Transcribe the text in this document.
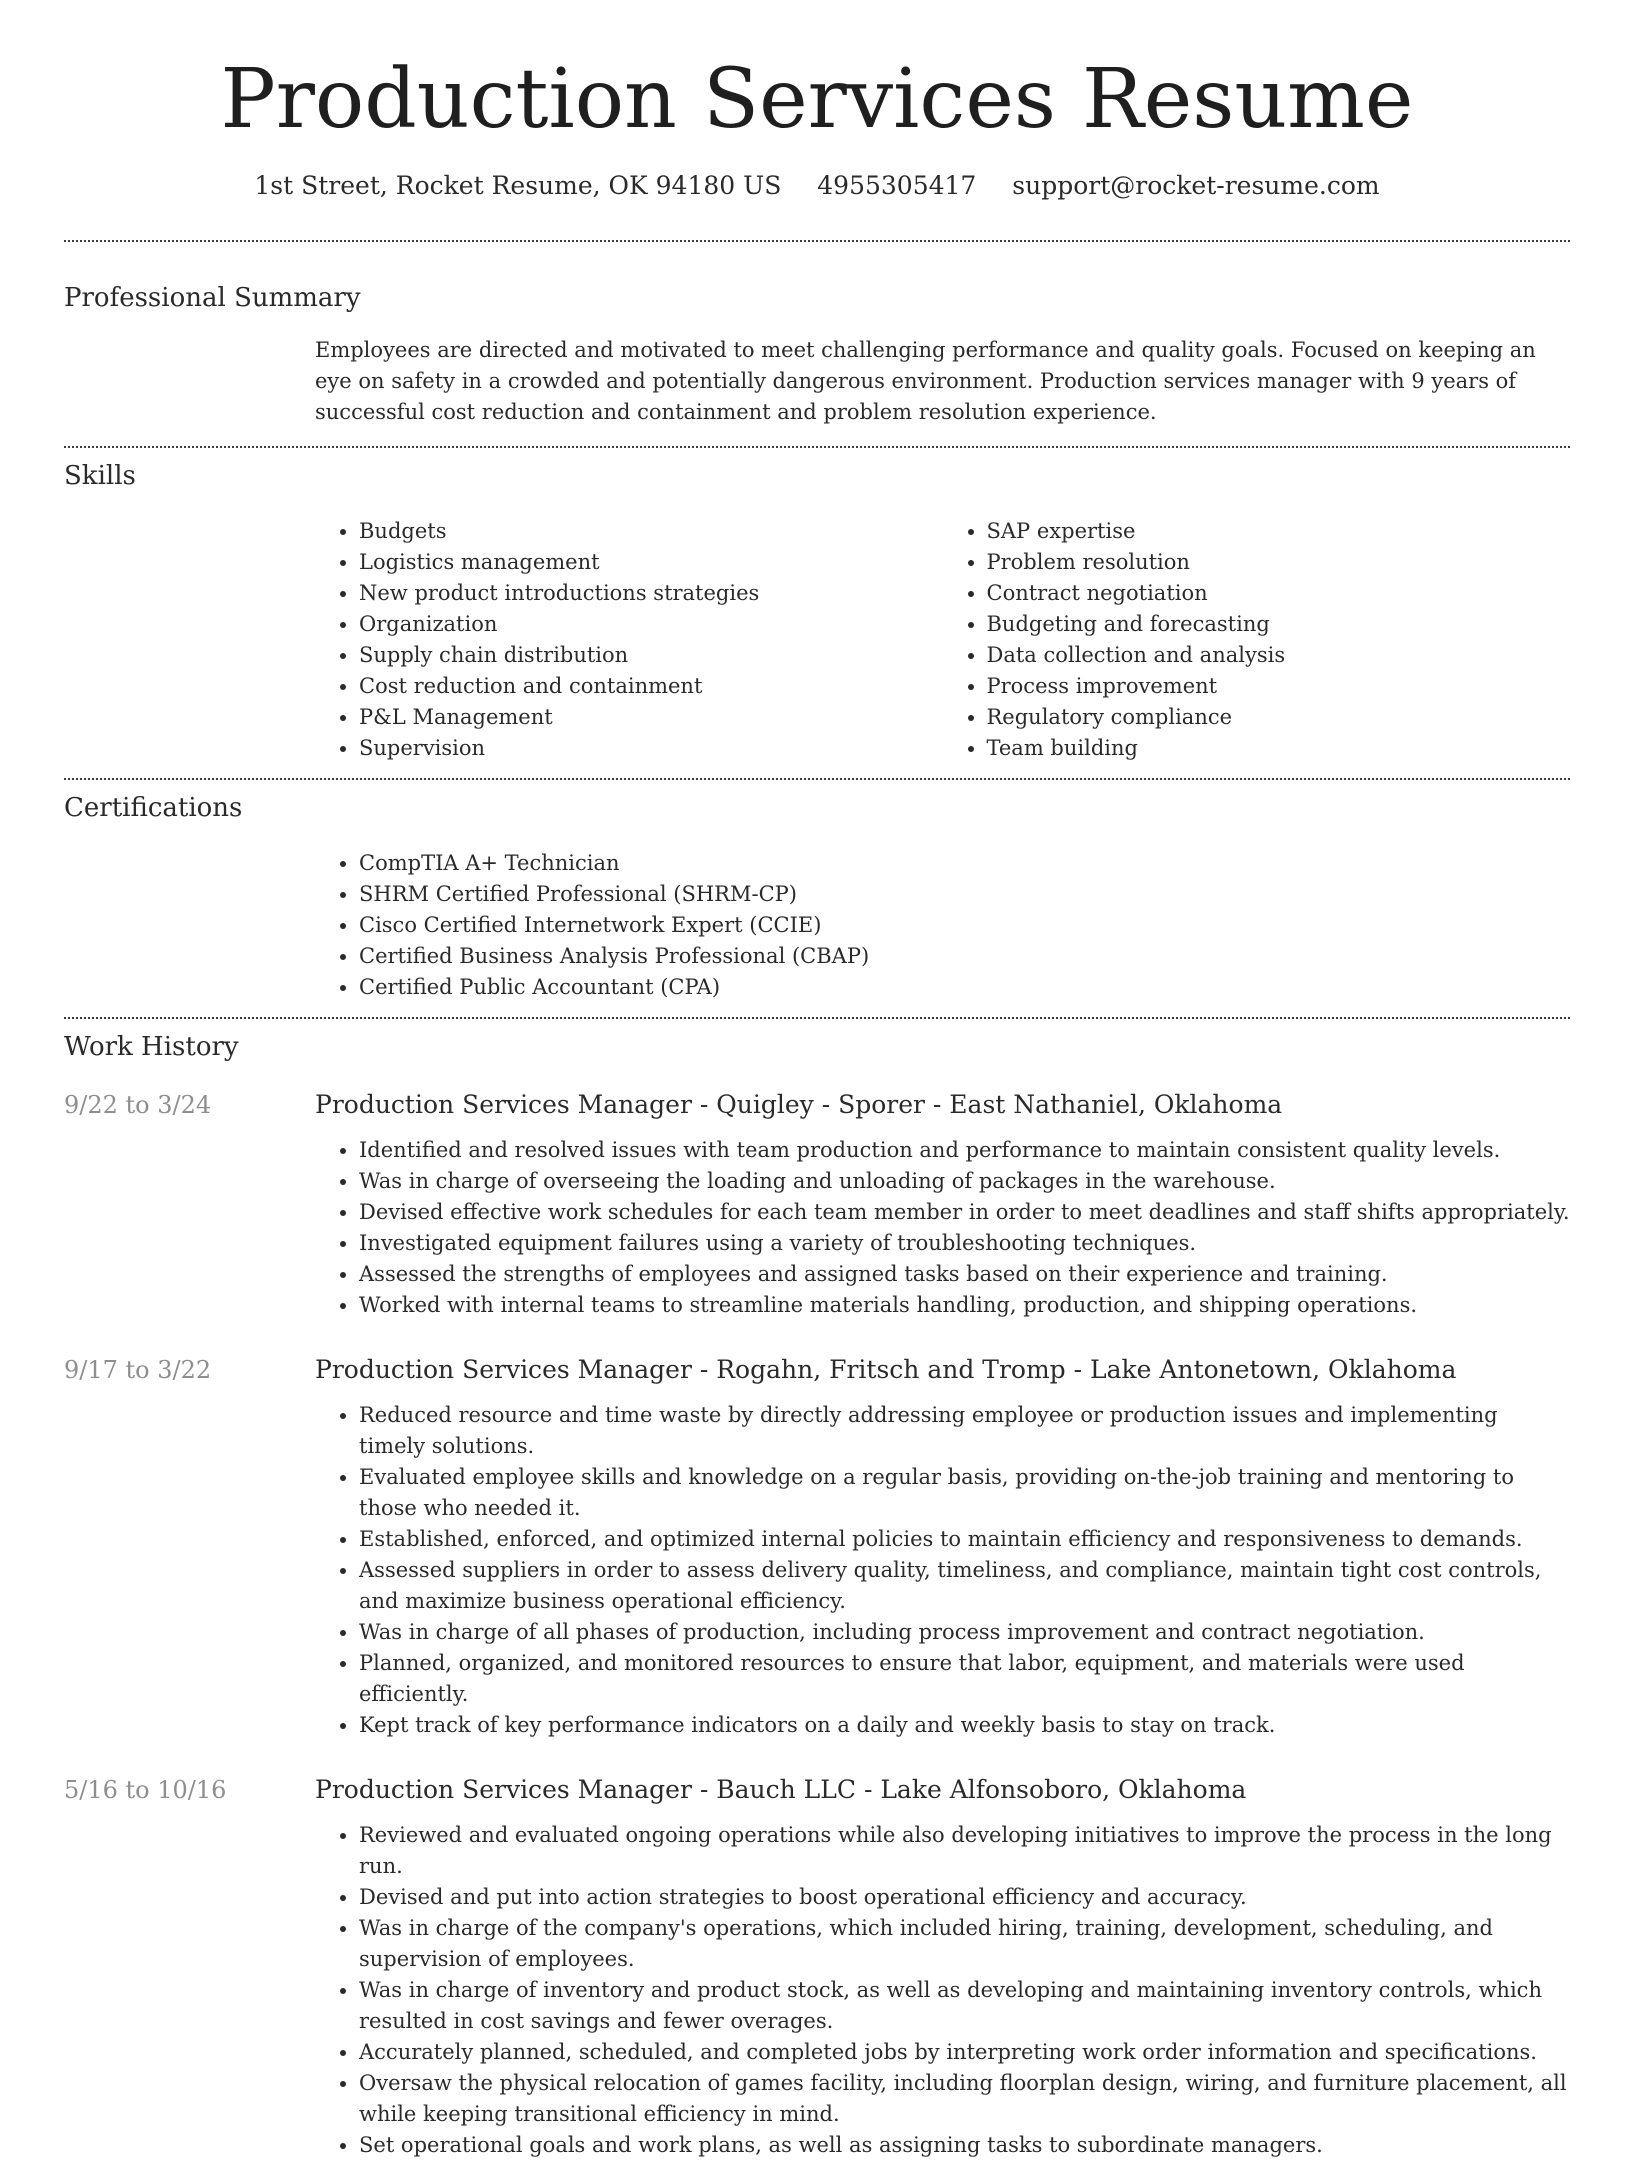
Production Services Resume
1st Street, Rocket Resume, OK 94180 US 4955305417 support@rocket-resume.com
Professional Summary

Employees are directed and motivated to meet challenging performance and quality goals. Focused on keeping an eye on safety in a crowded and potentially dangerous environment. Production services manager with 9 years of successful cost reduction and containment and problem resolution experience.

Skills
• Budgets
• Logistics management
• New product introductions strategies
• Organization
• Supply chain distribution
• Cost reduction and containment
• P&L Management
• Supervision
• SAP expertise
• Problem resolution
• Contract negotiation
• Budgeting and forecasting
• Data collection and analysis
• Process improvement
• Regulatory compliance
• Team building
Certifications
• CompTIA A+ Technician
• SHRM Certified Professional (SHRM-CP)
• Cisco Certified Internetwork Expert (CCIE)
• Certified Business Analysis Professional (CBAP)
• Certified Public Accountant (CPA)
Work History
9/22 to 3/24	Production Services Manager - Quigley - Sporer - East Nathaniel, Oklahoma
• Identified and resolved issues with team production and performance to maintain consistent quality levels.
• Was in charge of overseeing the loading and unloading of packages in the warehouse.
• Devised effective work schedules for each team member in order to meet deadlines and staff shifts appropriately.
• Investigated equipment failures using a variety of troubleshooting techniques.
• Assessed the strengths of employees and assigned tasks based on their experience and training.
• Worked with internal teams to streamline materials handling, production, and shipping operations.
9/17 to 3/22	Production Services Manager - Rogahn, Fritsch and Tromp - Lake Antonetown, Oklahoma
• Reduced resource and time waste by directly addressing employee or production issues and implementing timely solutions.
• Evaluated employee skills and knowledge on a regular basis, providing on-the-job training and mentoring to those who needed it.
• Established, enforced, and optimized internal policies to maintain efficiency and responsiveness to demands.
• Assessed suppliers in order to assess delivery quality, timeliness, and compliance, maintain tight cost controls, and maximize business operational efficiency.
• Was in charge of all phases of production, including process improvement and contract negotiation.
• Planned, organized, and monitored resources to ensure that labor, equipment, and materials were used efficiently.
• Kept track of key performance indicators on a daily and weekly basis to stay on track.
5/16 to 10/16	Production Services Manager - Bauch LLC - Lake Alfonsoboro, Oklahoma
• Reviewed and evaluated ongoing operations while also developing initiatives to improve the process in the long run.
• Devised and put into action strategies to boost operational efficiency and accuracy.
• Was in charge of the company's operations, which included hiring, training, development, scheduling, and supervision of employees.
• Was in charge of inventory and product stock, as well as developing and maintaining inventory controls, which resulted in cost savings and fewer overages.
• Accurately planned, scheduled, and completed jobs by interpreting work order information and specifications.
• Oversaw the physical relocation of games facility, including floorplan design, wiring, and furniture placement, all while keeping transitional efficiency in mind.
• Set operational goals and work plans, as well as assigning tasks to subordinate managers.
